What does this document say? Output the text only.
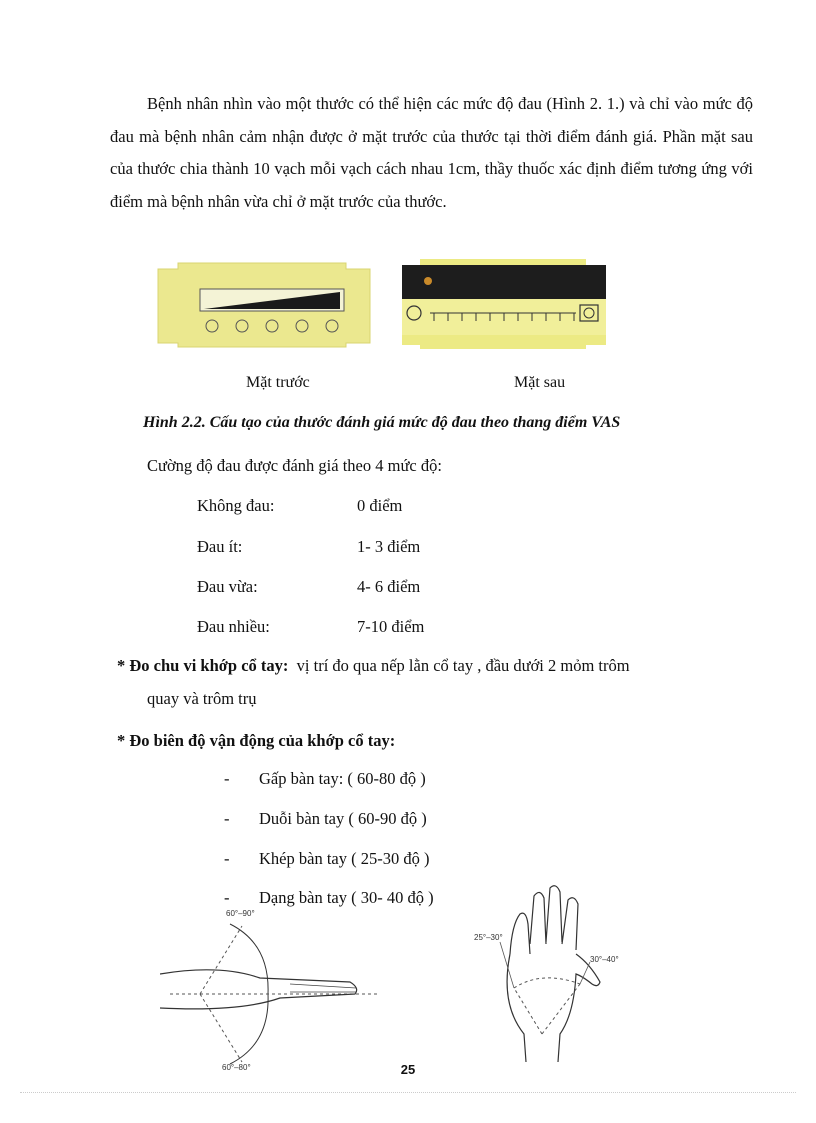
Bệnh nhân nhìn vào một thước có thể hiện các mức độ đau (Hình 2. 1.) và chỉ vào mức độ đau mà bệnh nhân cảm nhận được ở mặt trước của thước tại thời điểm đánh giá. Phần mặt sau của thước chia thành 10 vạch mỗi vạch cách nhau 1cm, thầy thuốc xác định điểm tương ứng với điểm mà bệnh nhân vừa chỉ ở mặt trước của thước.

Mặt trước	Mặt sau
Hình 2.2. Cấu tạo của thước đánh giá mức độ đau theo thang điểm VAS
Cường độ đau được đánh giá theo 4 mức độ:
Không đau:	0 điểm
Đau ít:	1- 3 điểm
Đau vừa:	4- 6 điểm
Đau nhiều:	7-10 điểm
* Đo chu vi khớp cổ tay: vị trí đo qua nếp lằn cổ tay , đầu dưới 2 mỏm trôm
quay và trôm trụ
* Đo biên độ vận động của khớp cổ tay:
- Gấp bàn tay: ( 60-80 độ )
- Duỗi bàn tay ( 60-90 độ )
- Khép bàn tay ( 25-30 độ )
- Dạng bàn tay ( 30- 40 độ )
60°–90°
60°–80°
25°–30°
30°–40°
25
